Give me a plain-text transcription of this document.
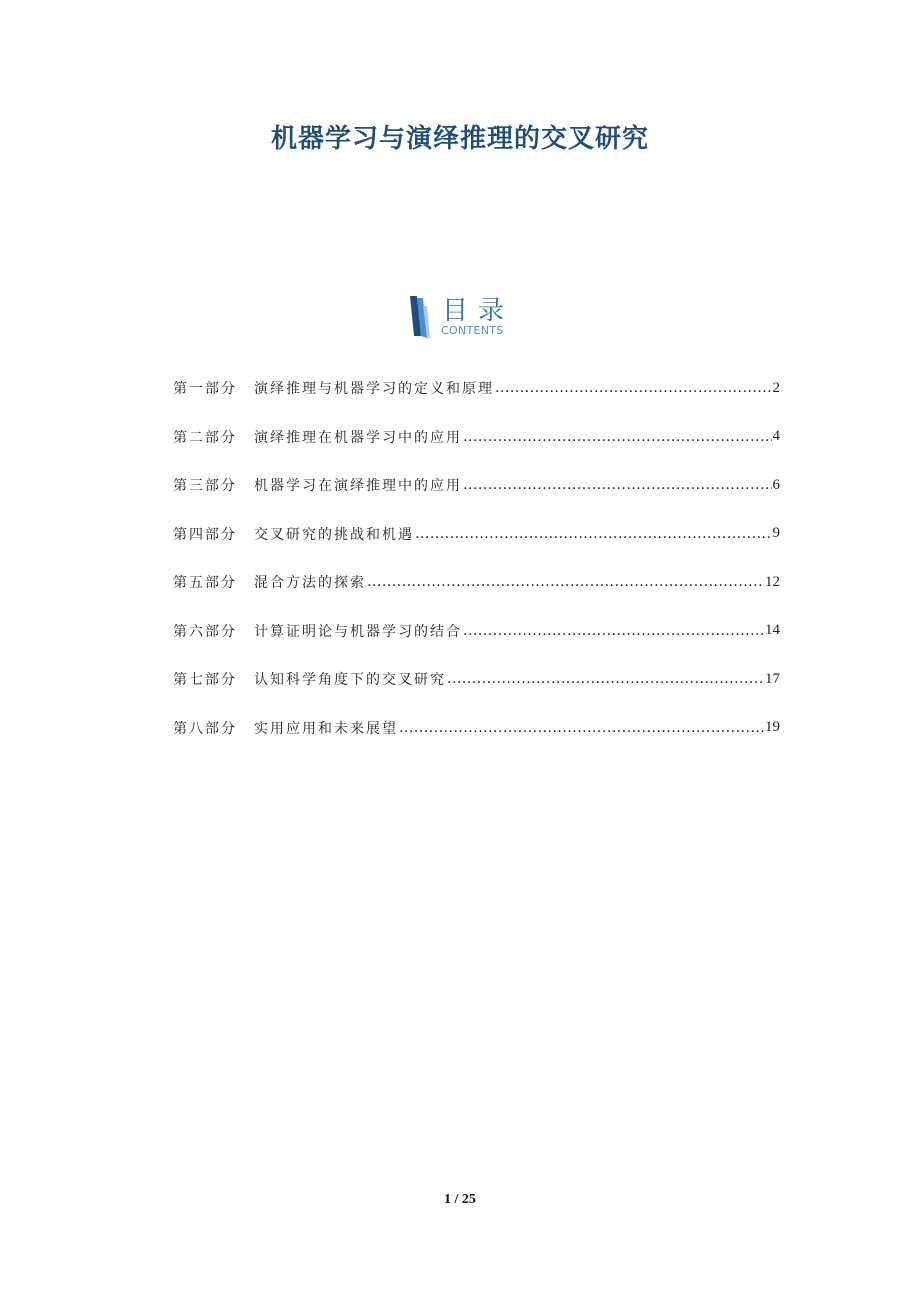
机器学习与演绎推理的交叉研究
目录
CONTENTS
第一部分	演绎推理与机器学习的定义和原理 .....	2
第二部分	演绎推理在机器学习中的应用 .....	4
第三部分	机器学习在演绎推理中的应用 .....	6
第四部分	交叉研究的挑战和机遇 .....	9
第五部分	混合方法的探索 .....	12
第六部分	计算证明论与机器学习的结合 .....	14
第七部分	认知科学角度下的交叉研究 .....	17
第八部分	实用应用和未来展望 .....	19
1 / 25
